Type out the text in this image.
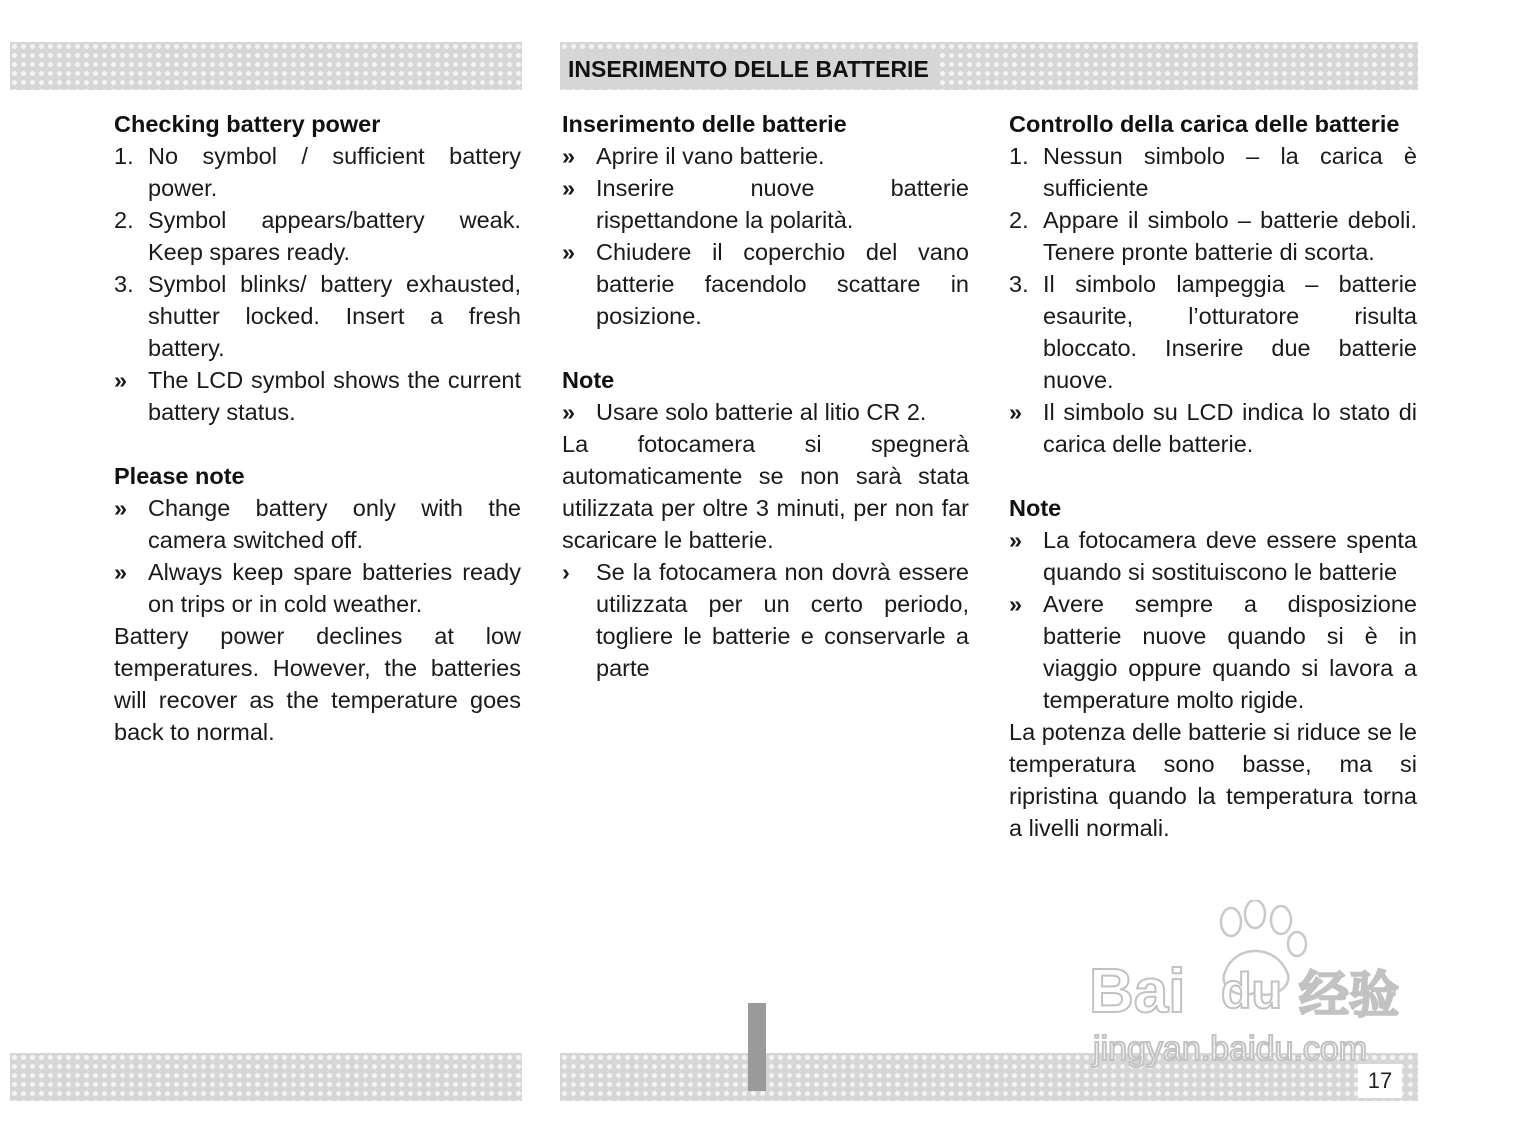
INSERIMENTO DELLE BATTERIE
17
Checking battery power
1. No symbol / sufficient battery power.
2. Symbol appears/battery weak. Keep spares ready.
3. Symbol blinks/ battery exhausted, shutter locked. Insert a fresh battery.
» The LCD symbol shows the current battery status.
Please note
» Change battery only with the camera switched off.
» Always keep spare batteries ready on trips or in cold weather.

Battery power declines at low temperatures. However, the batteries will recover as the temperature goes back to normal.

Inserimento delle batterie
» Aprire il vano batterie.
» Inserire nuove batterie rispettandone la polarità.
» Chiudere il coperchio del vano batterie facendolo scattare in posizione.
Note
» Usare solo batterie al litio CR 2.

La fotocamera si spegnerà automaticamente se non sarà stata utilizzata per oltre 3 minuti, per non far scaricare le batterie.

› Se la fotocamera non dovrà essere utilizzata per un certo periodo, togliere le batterie e conservarle a parte
Controllo della carica delle batterie
1. Nessun simbolo – la carica è sufficiente
2. Appare il simbolo – batterie deboli. Tenere pronte batterie di scorta.
3. Il simbolo lampeggia – batterie esaurite, l’otturatore risulta bloccato. Inserire due batterie nuove.
» Il simbolo su LCD indica lo stato di carica delle batterie.
Note
» La fotocamera deve essere spenta quando si sostituiscono le batterie
» Avere sempre a disposizione batterie nuove quando si è in viaggio oppure quando si lavora a temperature molto rigide.

La potenza delle batterie si riduce se le temperatura sono basse, ma si ripristina quando la temperatura torna a livelli normali.

Bai du 经验
jingyan.baidu.com
